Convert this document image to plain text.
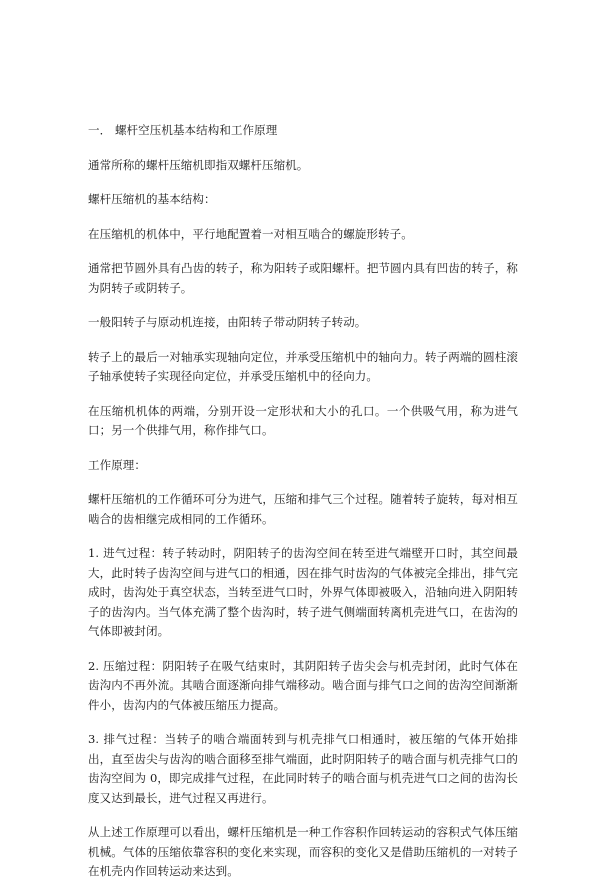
一． 螺杆空压机基本结构和工作原理

通常所称的螺杆压缩机即指双螺杆压缩机。

螺杆压缩机的基本结构：

在压缩机的机体中，平行地配置着一对相互啮合的螺旋形转子。

通常把节圆外具有凸齿的转子，称为阳转子或阳螺杆。把节圆内具有凹齿的转子，称为阴转子或阴转子。

一般阳转子与原动机连接，由阳转子带动阴转子转动。

转子上的最后一对轴承实现轴向定位，并承受压缩机中的轴向力。转子两端的圆柱滚子轴承使转子实现径向定位，并承受压缩机中的径向力。

在压缩机机体的两端，分别开设一定形状和大小的孔口。一个供吸气用，称为进气口；另一个供排气用，称作排气口。

工作原理：

螺杆压缩机的工作循环可分为进气，压缩和排气三个过程。随着转子旋转，每对相互啮合的齿相继完成相同的工作循环。

1. 进气过程：转子转动时，阴阳转子的齿沟空间在转至进气端壁开口时，其空间最大，此时转子齿沟空间与进气口的相通，因在排气时齿沟的气体被完全排出，排气完成时，齿沟处于真空状态，当转至进气口时，外界气体即被吸入，沿轴向进入阴阳转子的齿沟内。当气体充满了整个齿沟时，转子进气侧端面转离机壳进气口，在齿沟的气体即被封闭。

2. 压缩过程：阴阳转子在吸气结束时，其阴阳转子齿尖会与机壳封闭，此时气体在齿沟内不再外流。其啮合面逐渐向排气端移动。啮合面与排气口之间的齿沟空间渐渐件小，齿沟内的气体被压缩压力提高。

3. 排气过程：当转子的啮合端面转到与机壳排气口相通时，被压缩的气体开始排出，直至齿尖与齿沟的啮合面移至排气端面，此时阴阳转子的啮合面与机壳排气口的齿沟空间为 0，即完成排气过程，在此同时转子的啮合面与机壳进气口之间的齿沟长度又达到最长，进气过程又再进行。

从上述工作原理可以看出，螺杆压缩机是一种工作容积作回转运动的容积式气体压缩机械。气体的压缩依靠容积的变化来实现，而容积的变化又是借助压缩机的一对转子在机壳内作回转运动来达到。
